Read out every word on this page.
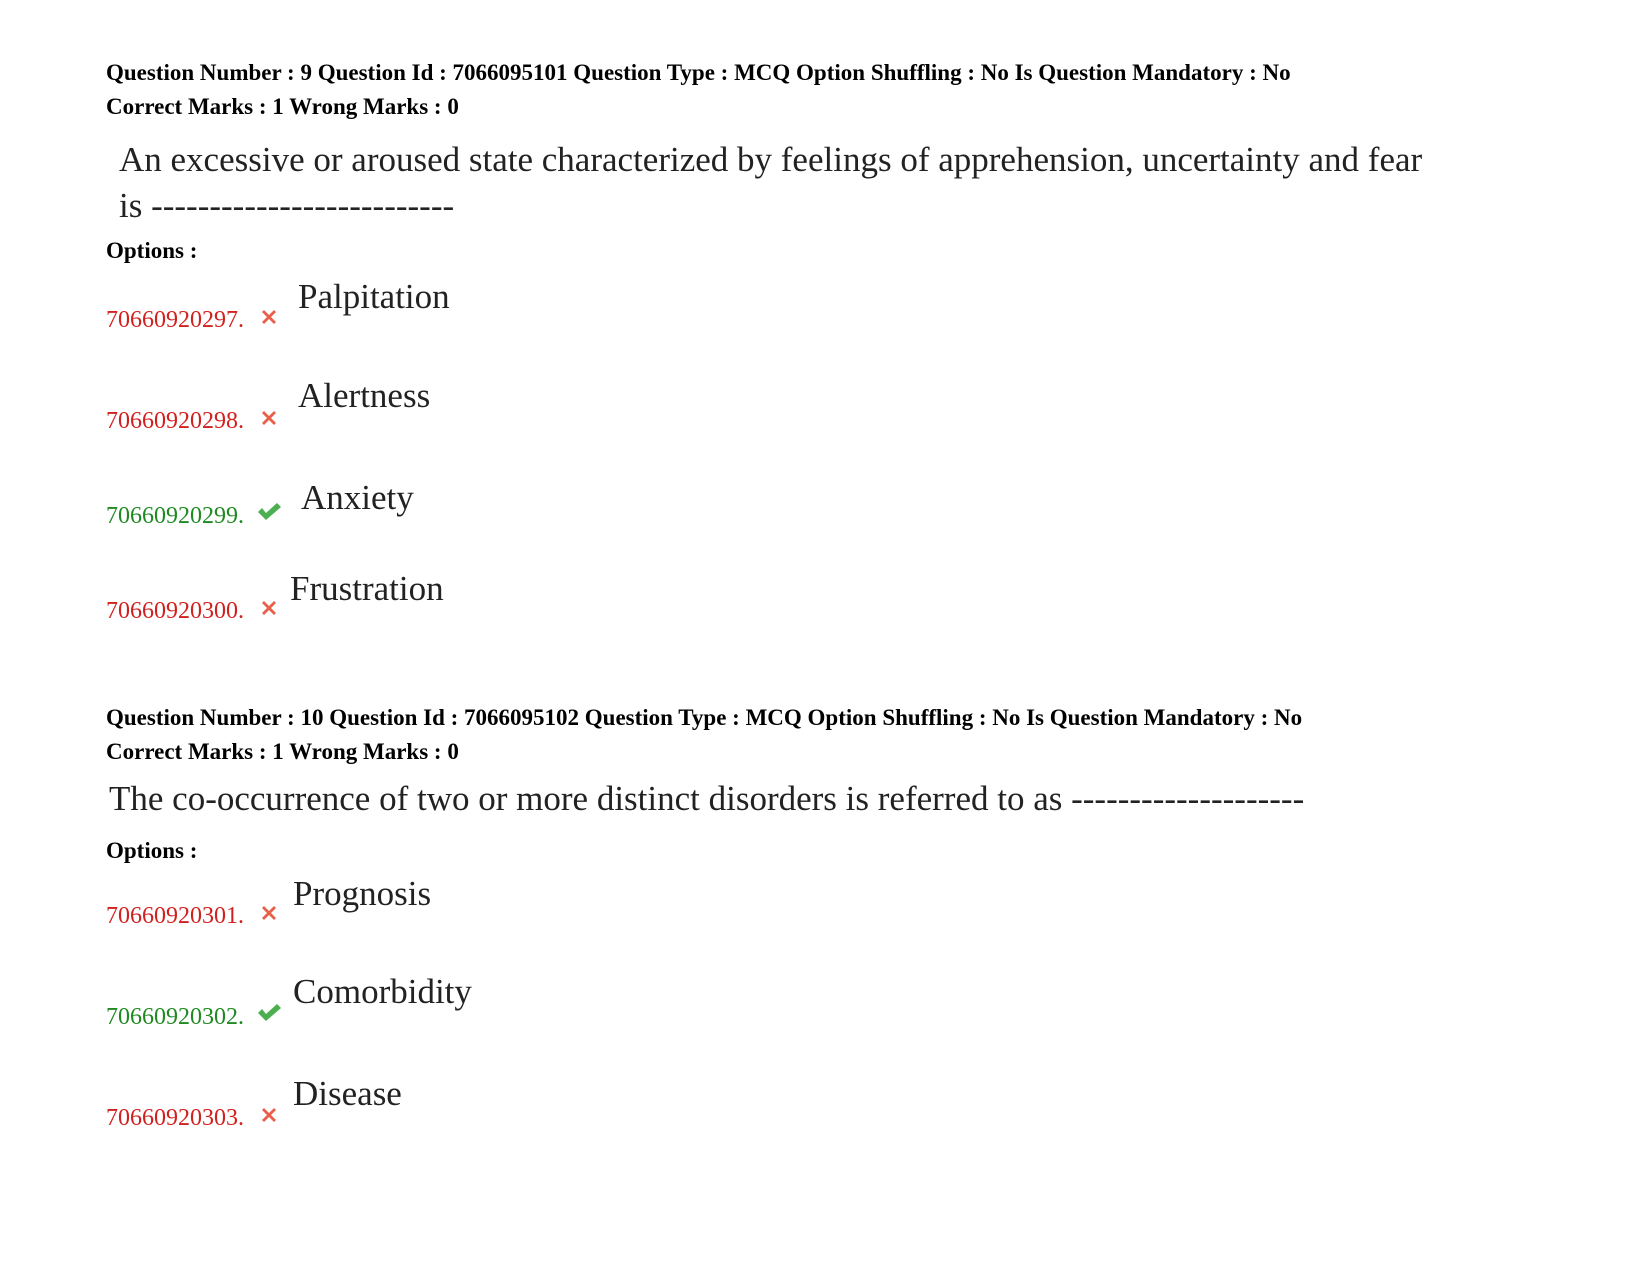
Question Number : 9 Question Id : 7066095101 Question Type : MCQ Option Shuffling : No Is Question Mandatory : No
Correct Marks : 1 Wrong Marks : 0
An excessive or aroused state characterized by feelings of apprehension, uncertainty and fear
is --------------------------
Options :
70660920297.
Palpitation
70660920298.
Alertness
70660920299. Anxiety
70660920300.
Frustration
Question Number : 10 Question Id : 7066095102 Question Type : MCQ Option Shuffling : No Is Question Mandatory : No
Correct Marks : 1 Wrong Marks : 0
The co-occurrence of two or more distinct disorders is referred to as --------------------
Options :
70660920301.
Prognosis
70660920302.
Comorbidity
70660920303.
Disease
